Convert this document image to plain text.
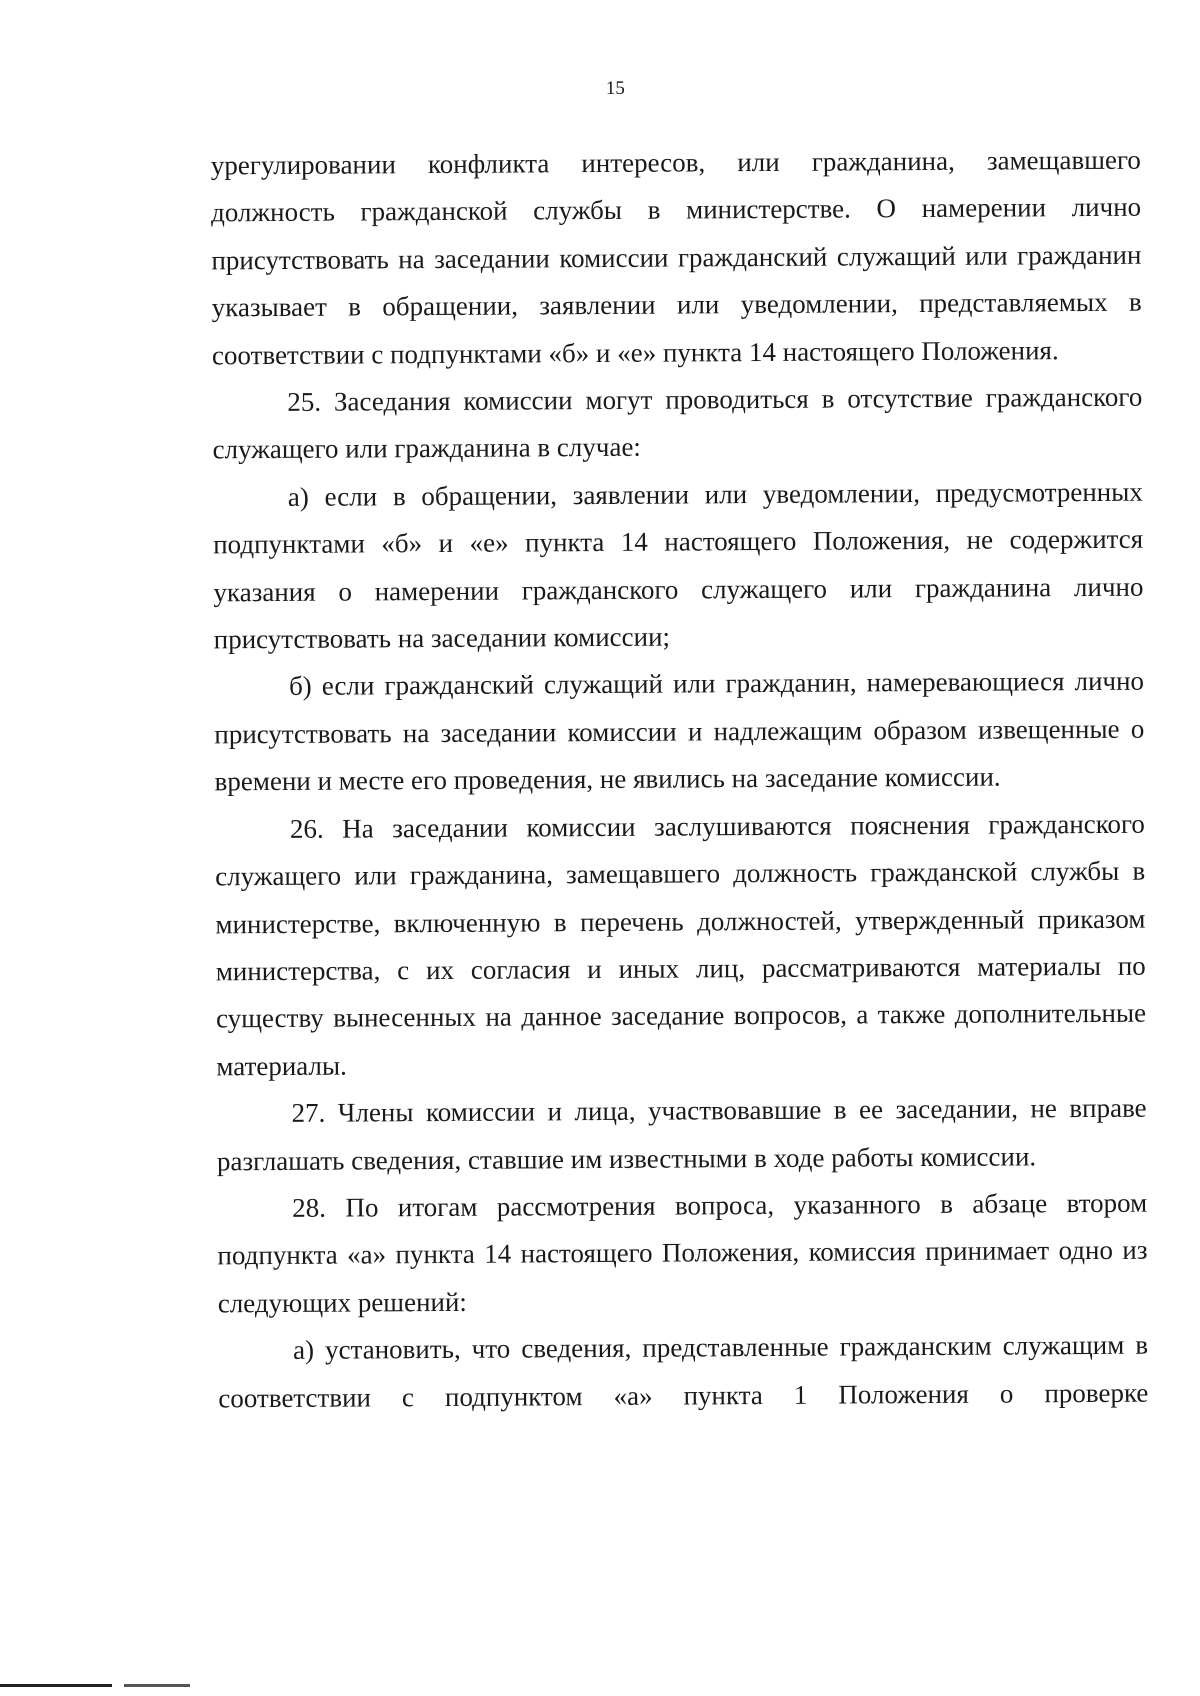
15

урегулировании конфликта интересов, или гражданина, замещавшего должность гражданской службы в министерстве. О намерении лично присутствовать на заседании комиссии гражданский служащий или гражданин указывает в обращении, заявлении или уведомлении, представляемых в соответствии с подпунктами «б» и «е» пункта 14 настоящего Положения.

25. Заседания комиссии могут проводиться в отсутствие гражданского служащего или гражданина в случае:

а) если в обращении, заявлении или уведомлении, предусмотренных подпунктами «б» и «е» пункта 14 настоящего Положения, не содержится указания о намерении гражданского служащего или гражданина лично присутствовать на заседании комиссии;

б) если гражданский служащий или гражданин, намеревающиеся лично присутствовать на заседании комиссии и надлежащим образом извещенные о времени и месте его проведения, не явились на заседание комиссии.

26. На заседании комиссии заслушиваются пояснения гражданского служащего или гражданина, замещавшего должность гражданской службы в министерстве, включенную в перечень должностей, утвержденный приказом министерства, с их согласия и иных лиц, рассматриваются материалы по существу вынесенных на данное заседание вопросов, а также дополнительные материалы.

27. Члены комиссии и лица, участвовавшие в ее заседании, не вправе разглашать сведения, ставшие им известными в ходе работы комиссии.

28. По итогам рассмотрения вопроса, указанного в абзаце втором подпункта «а» пункта 14 настоящего Положения, комиссия принимает одно из следующих решений:

а) установить, что сведения, представленные гражданским служащим в соответствии с подпунктом «а» пункта 1 Положения о проверке
